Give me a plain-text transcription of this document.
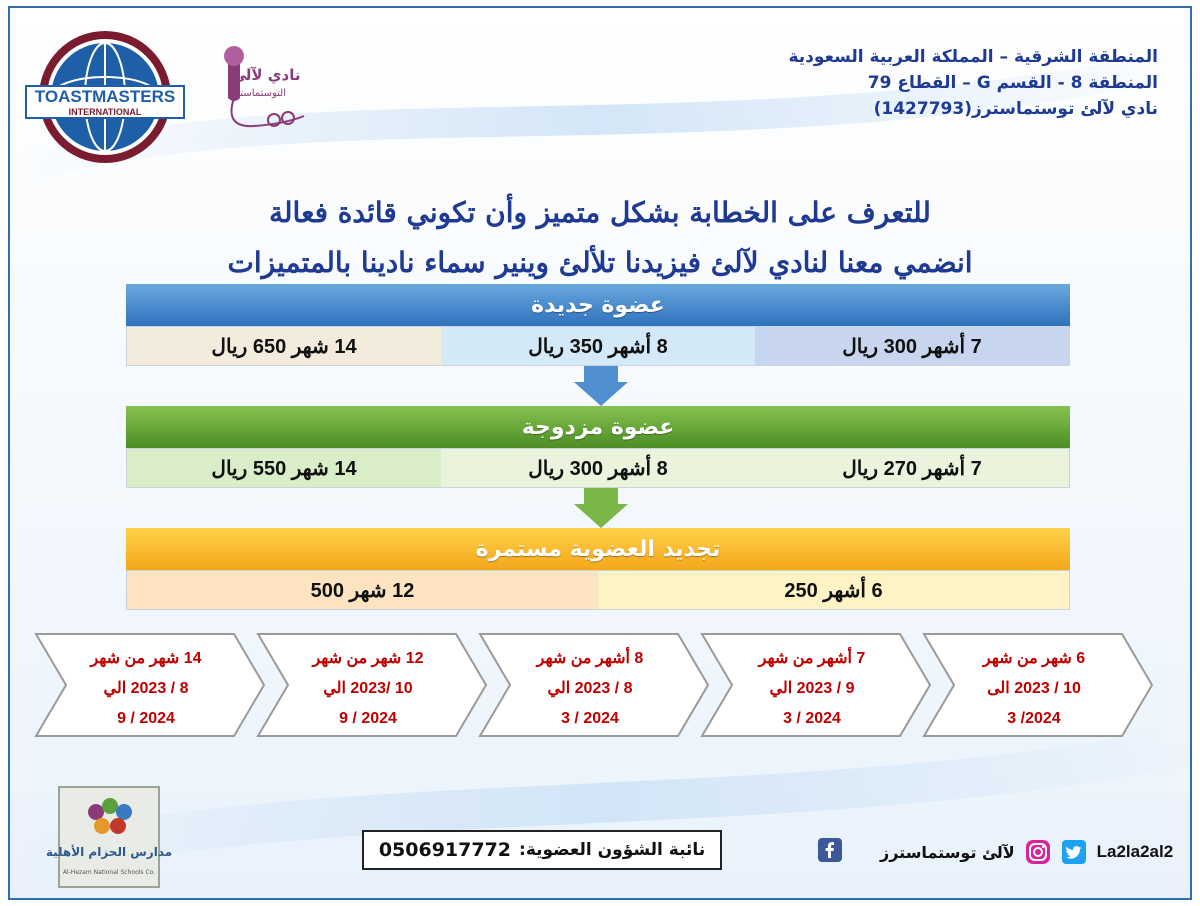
TOASTMASTERS
INTERNATIONAL
نادي لآلئ
التوستماسترز
المنطقة الشرقية – المملكة العربية السعودية
المنطقة 8 - القسم G – القطاع 79
نادي لآلئ توستماسترز(1427793)
للتعرف على الخطابة بشكل متميز وأن تكوني قائدة فعالة
انضمي معنا لنادي لآلئ فيزيدنا تلألئ وينير سماء نادينا بالمتميزات
عضوة جديدة
14 شهر 650 ريال	8 أشهر 350 ريال	7 أشهر 300 ريال
عضوة مزدوجة
14 شهر 550 ريال	8 أشهر 300 ريال	7 أشهر 270 ريال
تجديد العضوية مستمرة
12 شهر 500	6 أشهر 250
6 شهر من شهر
10 / 2023 الى
2024/ 3
7 أشهر من شهر
9 / 2023 الي
2024 / 3
8 أشهر من شهر
8 / 2023 الي
2024 / 3
12 شهر من شهر
10 /2023 الي
2024 / 9
14 شهر من شهر
8 / 2023 الي
2024 / 9
مدارس الحزام الأهلية
Al-Hezam National Schools Co.
نائبة الشؤون العضوية:
0506917772	لآلئ توستماسترز	La2la2al2
